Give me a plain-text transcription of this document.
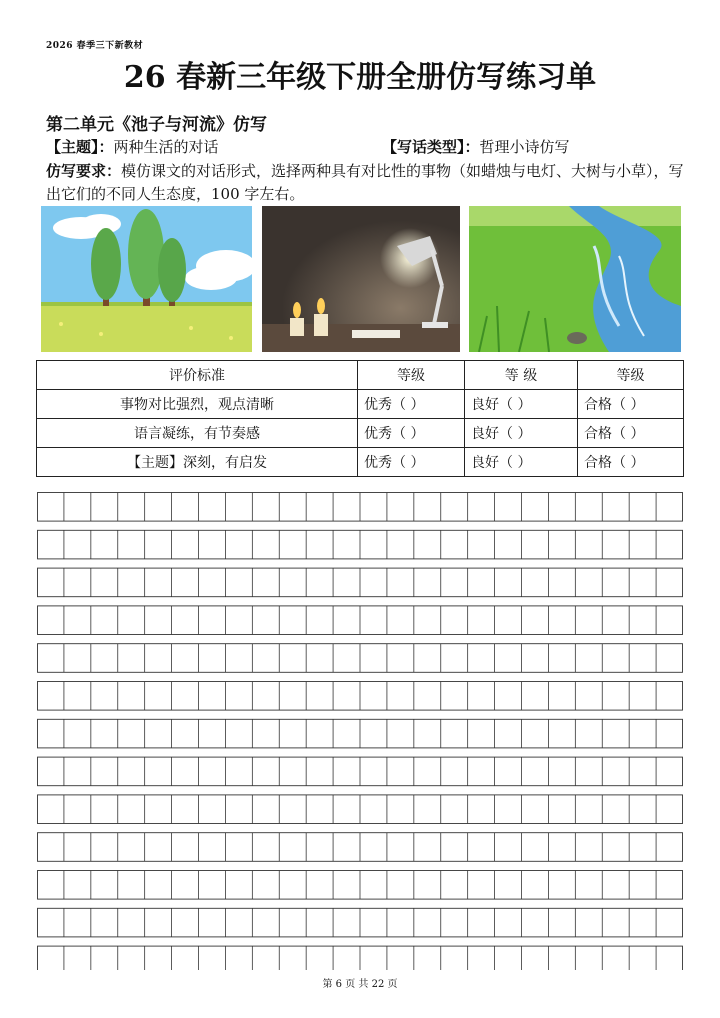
2026 春季三下新教材
26 春新三年级下册全册仿写练习单
第二单元《池子与河流》仿写
【主题】：两种生活的对话	【写话类型】：哲理小诗仿写
仿写要求：模仿课文的对话形式，选择两种具有对比性的事物（如蜡烛与电灯、大树与小草），写出它们的不同人生态度，100 字左右。
评价标准	等级	等 级	等级
事物对比强烈，观点清晰	优秀（ ）	良好（ ）	合格（ ）
语言凝练，有节奏感	优秀（ ）	良好（ ）	合格（ ）
【主题】深刻，有启发	优秀（ ）	良好（ ）	合格（ ）
第 6 页 共 22 页
